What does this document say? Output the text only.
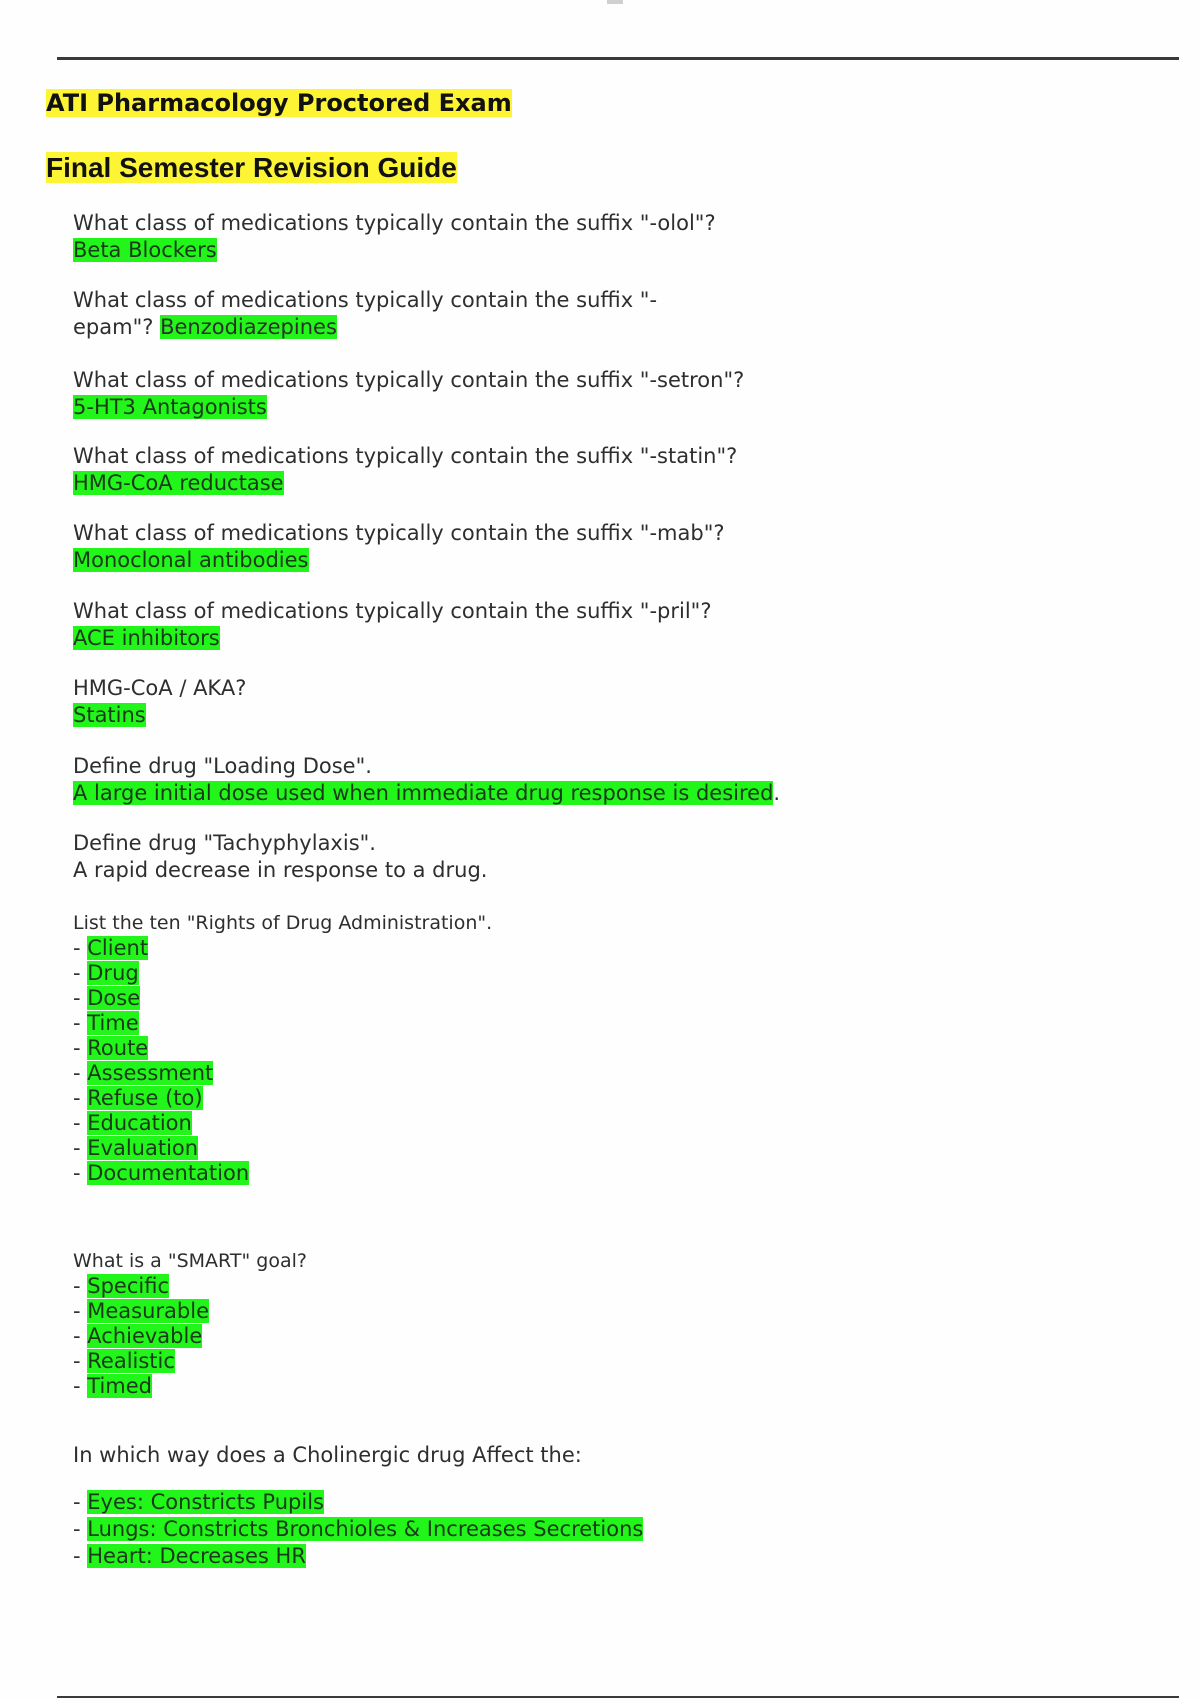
ATI Pharmacology Proctored Exam
Final Semester Revision Guide
What class of medications typically contain the suffix "-olol"?
Beta Blockers
What class of medications typically contain the suffix "-
epam"? Benzodiazepines
What class of medications typically contain the suffix "-setron"?
5-HT3 Antagonists
What class of medications typically contain the suffix "-statin"?
HMG-CoA reductase
What class of medications typically contain the suffix "-mab"?
Monoclonal antibodies
What class of medications typically contain the suffix "-pril"?
ACE inhibitors
HMG-CoA / AKA?
Statins
Define drug "Loading Dose".
A large initial dose used when immediate drug response is desired.
Define drug "Tachyphylaxis".
A rapid decrease in response to a drug.
List the ten "Rights of Drug Administration".
- Client
- Drug
- Dose
- Time
- Route
- Assessment
- Refuse (to)
- Education
- Evaluation
- Documentation
What is a "SMART" goal?
- Specific
- Measurable
- Achievable
- Realistic
- Timed
In which way does a Cholinergic drug Affect the:
- Eyes: Constricts Pupils
- Lungs: Constricts Bronchioles & Increases Secretions
- Heart: Decreases HR
